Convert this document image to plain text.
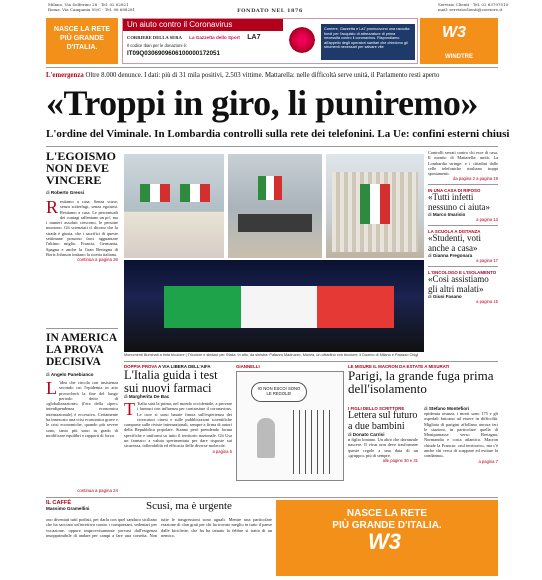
Milano, Via Solferino 28 · Tel. 02 62821
Roma, Via Campania 59/C · Tel. 06 688281	FONDATO NEL 1876
Servizio Clienti · Tel. 02 63797510
mail: servizioclienti@corriere.it
NASCE LA RETE
PIÙ GRANDE
D'ITALIA.
Un aiuto contro il Coronavirus
CORRIERE DELLA SERA La Gazzetta dello Sport LA7
Il codice Iban per le donazioni è:
IT09Q0306909606100000172051
Corriere, Gazzetta e La7 promuovono una raccolta fondi per l'acquisto di attrezzature di prima necessità contro il coronavirus. Rispondiamo all'appello degli operatori sanitari che chiedono gli strumenti necessari per salvare vite
W3
WINDTRE
L'emergenza Oltre 8.000 denunce. I dati: più di 31 mila positivi, 2.503 vittime. Mattarella: nelle difficoltà serve unità, il Parlamento resti aperto
«Troppi in giro, li puniremo»
L'ordine del Viminale. In Lombardia controlli sulla rete dei telefonini. La Ue: confini esterni chiusi
L'EGOISMO NON DEVE VINCERE
di Roberto Gressi
R estiamo a casa. Senza scuse, senza sotterfugi, senza egoismi. Restiamo a casa. Le percentuali dei contagi rallentano un po', ma i numeri assoluti crescono, le persone muoiono. Gli scienziati ci dicono che la strada è giusta, che i sacrifici di queste settimane possono farci agguantare l'ultimo miglio. Francia, Germania, Spagna e anche la Gran Bretagna di Boris Johnson imitano la ricetta italiana.
continua a pagina 26
IN AMERICA LA PROVA DECISIVA
di Angelo Panebianco
L 'idea che circola con insistenza secondo cui l'epidemia in atto provocherà la fine del lungo periodo detto di «globalizzazione» (l'era della «iper» interdipendenza economica internazionale) è eccessiva. Certamente ha innescato una crisi economica grave e le crisi economiche, quando più severe sono, tanto più sono in grado di modificare equilibri e rapporti di forza.
continua a pagina 24
Monumenti illuminati a tinta tricolore | Tricolore e sindaci per l'Italia. In alto, da sinistra: Palazzo Madruzzo, Monza, un cittadino con tricolore, il Duomo di Milano e Palazzo Chigi
Controlli serrati contro chi esce di casa. Il monito di Mattarella: unità. La Lombardia stringe: e i cittadini dalle celle telefoniche risultano troppi spostamenti.
da pagina 2 a pagina 19
IN UNA CASA DI RIPOSO
«Tutti infetti nessuno ci aiuta»
di Marco Imarisio
a pagina 13
LA SCUOLA A DISTANZA
«Studenti, voti anche a casa»
di Gianna Fregonara
a pagina 17
L'ONCOLOGO E L'ISOLAMENTO
«Così assistiamo gli altri malati»
di Giusi Fasano
a pagina 15
DOPPIA PROVA A VIA LIBERA DELL'AIFA
L'Italia guida i test sui nuovi farmaci
di Margherita De Bac
T 'Italia sarà la prima, nel mondo occidentale, a provare i farmaci con influenza per contrastare il coronavirus. Le cure si sono basate finora sull'esperienza dei ricercatori cinesi e sulle pubblicazioni scientifiche comparse sulle riviste internazionali, sempre a firma di autori della Repubblica popolare. Stanno però prendendo forma specifiche e uniformi su tutto il territorio nazionale. Gli Usa un farmaco a valuta sperimentata per dare risposte sui sicurezza, tollerabilità ed efficacia delle diverse molecole.
a pagina 5
GIANNELLI
IO NON ESCO! SONO LE REGOLE!
LE MISURE IL MACRON DA ESTATE A MISURATI
Parigi, la grande fuga prima dell'isolamento
I FIGLI DELLO SCRITTORE
Lettera sul futuro a due bambini
di Donato Carrisi
n figlio lontano. Un altro che davanzale nascere. Il virus non deve trasformare queste regole a una data di un «gruppo» più di sempre.
alle pagine 30 e 31
di Stefano Montefiori
epidemia avanza, i morti sono 175 e gli ospedali faticano ad essere in difficoltà. Migliaia di parigini affollano ancora ieri le stazioni, in particolare quella di Montparnasse verso Bretagna, Normandia e costa atlantica. Macron chiude la Francia: «sul territorio», ma c'è anche chi cerca di scappare ed evitare la condanna».
a pagina 7
IL CAFFÈ
Massimo Gramellini	Scusi, ma è urgente
ono diventati tutti podisti, per darla con quel sandaco siciliano che ha sacciato un'invettiva contro i compaesani, sedentari per vocazione, oppure improvvisamente pervasi dall'esigenza insopprimibile di andare per campi a fare una corsetta. Non tutte le trasgressioni sono uguali. Mentre una particolare reazione di clan grati per chi ha trovato meglio in tutto il paese dalle biciclette, che ha ha tatuato la febbre si tratta di un nemico.
NASCE LA RETE
PIÙ GRANDE D'ITALIA.
W3
